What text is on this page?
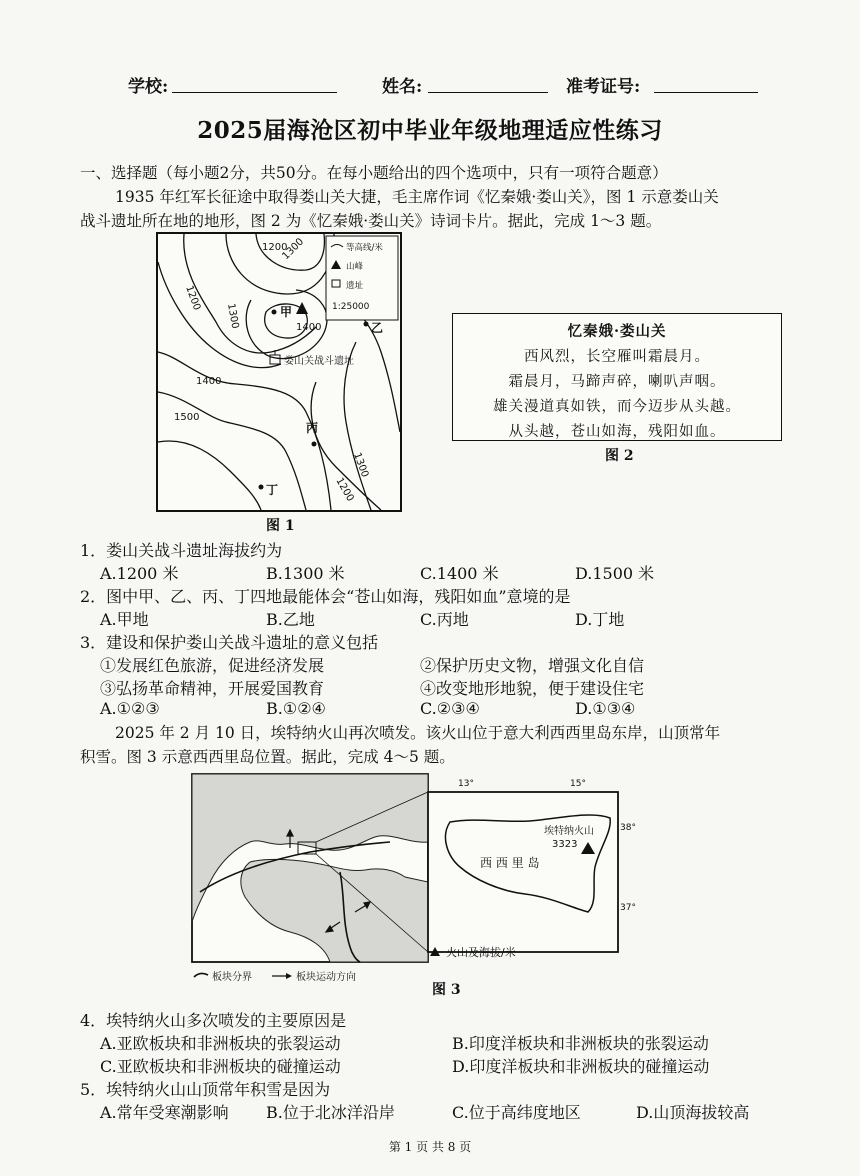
学校:	姓名:	准考证号:
2025届海沧区初中毕业年级地理适应性练习
一、选择题（每小题2分，共50分。在每小题给出的四个选项中，只有一项符合题意）
1935 年红军长征途中取得娄山关大捷，毛主席作词《忆秦娥·娄山关》，图 1 示意娄山关
战斗遗址所在地的地形，图 2 为《忆秦娥·娄山关》诗词卡片。据此，完成 1～3 题。
1200
1200
1300
1300	1400
1400
1500
1200
1300
甲
乙
丙
丁
娄山关战斗遗址
等高线/米
山峰
遗址
1:25000
图 1
忆秦娥·娄山关
西风烈，长空雁叫霜晨月。
霜晨月，马蹄声碎，喇叭声咽。
雄关漫道真如铁，而今迈步从头越。
从头越，苍山如海，残阳如血。
图 2
1．娄山关战斗遗址海拔约为
A.1200 米	B.1300 米	C.1400 米	D.1500 米
2．图中甲、乙、丙、丁四地最能体会“苍山如海，残阳如血”意境的是
A.甲地	B.乙地	C.丙地	D.丁地
3．建设和保护娄山关战斗遗址的意义包括
①发展红色旅游，促进经济发展	②保护历史文物，增强文化自信
③弘扬革命精神，开展爱国教育	④改变地形地貌，便于建设住宅
A.①②③	B.①②④	C.②③④	D.①③④
2025 年 2 月 10 日，埃特纳火山再次喷发。该火山位于意大利西西里岛东岸，山顶常年
积雪。图 3 示意西西里岛位置。据此，完成 4～5 题。
埃特纳火山
3323
西 西 里 岛
13°	15°
38°
37°
火山及海拔/米
板块分界	板块运动方向
图 3
4．埃特纳火山多次喷发的主要原因是
A.亚欧板块和非洲板块的张裂运动	B.印度洋板块和非洲板块的张裂运动
C.亚欧板块和非洲板块的碰撞运动	D.印度洋板块和非洲板块的碰撞运动
5．埃特纳火山山顶常年积雪是因为
A.常年受寒潮影响 B.位于北冰洋沿岸	C.位于高纬度地区	D.山顶海拔较高
第 1 页 共 8 页
